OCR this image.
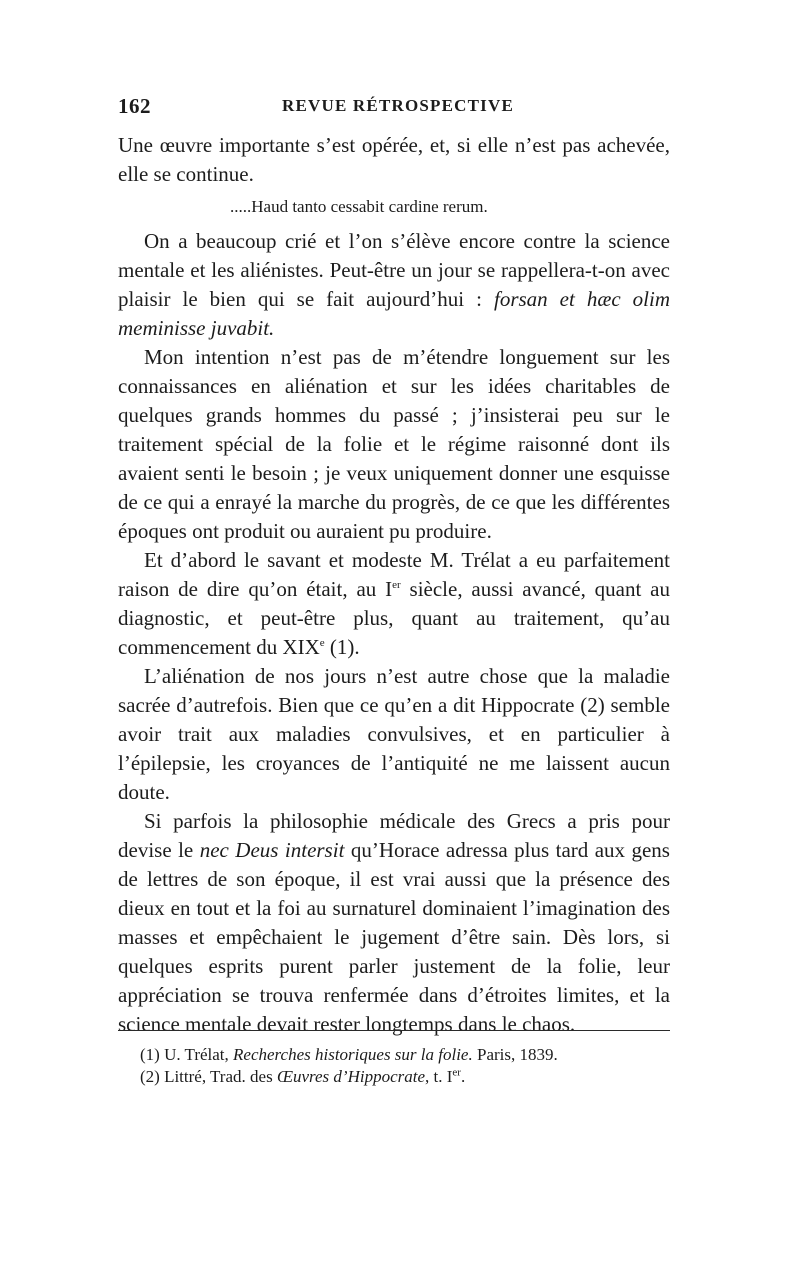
162	REVUE RÉTROSPECTIVE

Une œuvre importante s’est opérée, et, si elle n’est pas achevée, elle se continue.

.....Haud tanto cessabit cardine rerum.

On a beaucoup crié et l’on s’élève encore contre la science mentale et les aliénistes. Peut-être un jour se rappellera-t-on avec plaisir le bien qui se fait aujourd’hui : forsan et hæc olim meminisse juvabit.

Mon intention n’est pas de m’étendre longuement sur les connaissances en aliénation et sur les idées charitables de quelques grands hommes du passé ; j’insisterai peu sur le traitement spécial de la folie et le régime raisonné dont ils avaient senti le besoin ; je veux uniquement donner une esquisse de ce qui a enrayé la marche du progrès, de ce que les différentes époques ont produit ou auraient pu produire.

Et d’abord le savant et modeste M. Trélat a eu parfaitement raison de dire qu’on était, au Ier siècle, aussi avancé, quant au diagnostic, et peut-être plus, quant au traitement, qu’au commencement du XIXe (1).

L’aliénation de nos jours n’est autre chose que la maladie sacrée d’autrefois. Bien que ce qu’en a dit Hippocrate (2) semble avoir trait aux maladies convulsives, et en particulier à l’épilepsie, les croyances de l’antiquité ne me laissent aucun doute.

Si parfois la philosophie médicale des Grecs a pris pour devise le nec Deus intersit qu’Horace adressa plus tard aux gens de lettres de son époque, il est vrai aussi que la présence des dieux en tout et la foi au surnaturel dominaient l’imagination des masses et empêchaient le jugement d’être sain. Dès lors, si quelques esprits purent parler justement de la folie, leur appréciation se trouva renfermée dans d’étroites limites, et la science mentale devait rester longtemps dans le chaos.

(1) U. Trélat, Recherches historiques sur la folie. Paris, 1839.

(2) Littré, Trad. des Œuvres d’Hippocrate, t. Ier.
